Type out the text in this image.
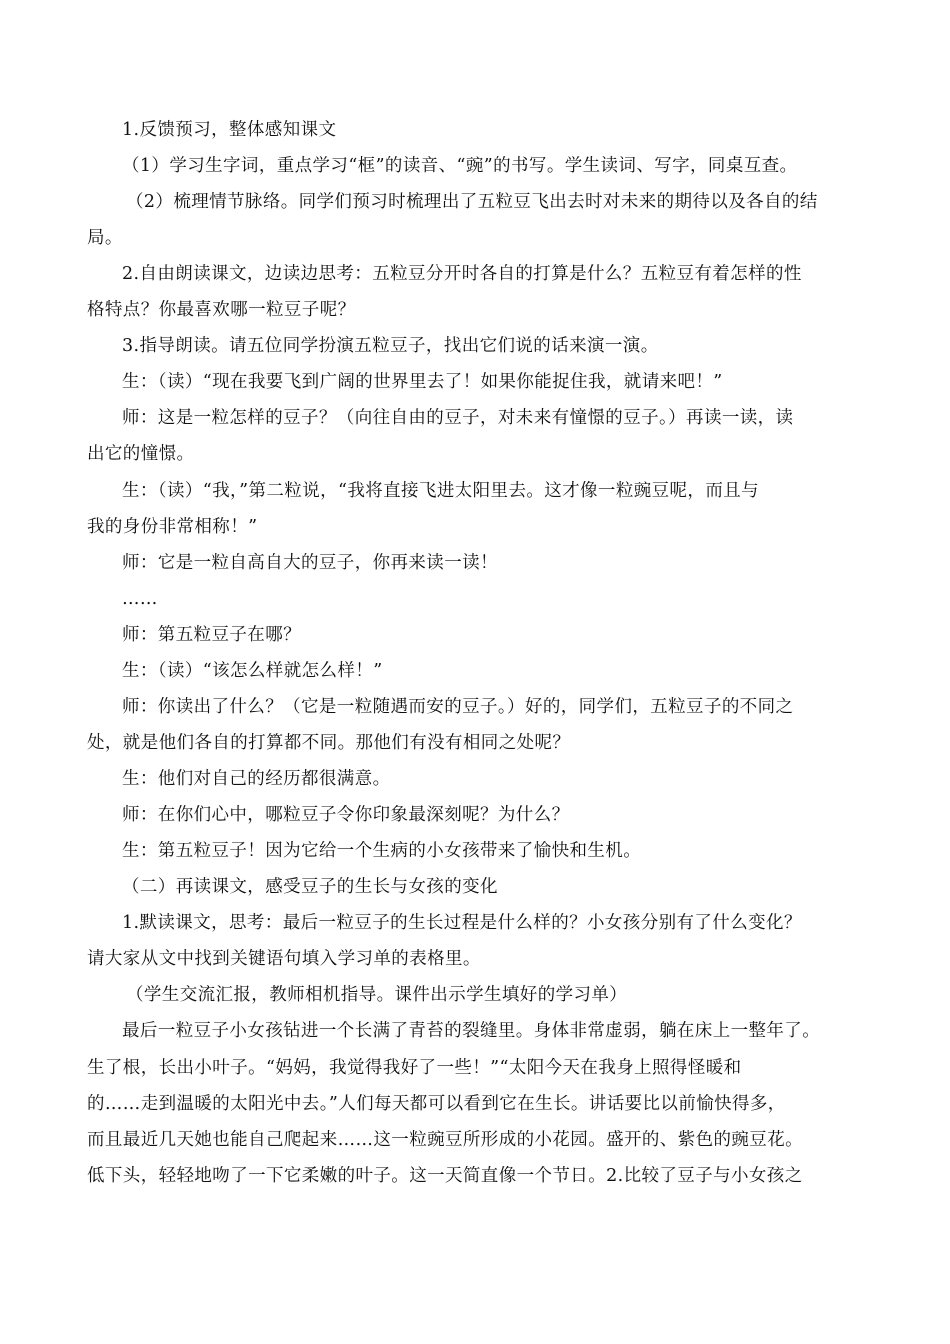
1.反馈预习，整体感知课文
（1）学习生字词，重点学习“框”的读音、“豌”的书写。学生读词、写字，同桌互查。
（2）梳理情节脉络。同学们预习时梳理出了五粒豆飞出去时对未来的期待以及各自的结
局。
2.自由朗读课文，边读边思考：五粒豆分开时各自的打算是什么？五粒豆有着怎样的性
格特点？你最喜欢哪一粒豆子呢？
3.指导朗读。请五位同学扮演五粒豆子，找出它们说的话来演一演。
生：（读）“现在我要飞到广阔的世界里去了！如果你能捉住我，就请来吧！”
师：这是一粒怎样的豆子？（向往自由的豆子，对未来有憧憬的豆子。）再读一读，读
出它的憧憬。
生：（读）“我，”第二粒说，“我将直接飞进太阳里去。这才像一粒豌豆呢，而且与
我的身份非常相称！”
师：它是一粒自高自大的豆子，你再来读一读！
……
师：第五粒豆子在哪？
生：（读）“该怎么样就怎么样！”
师：你读出了什么？（它是一粒随遇而安的豆子。）好的，同学们，五粒豆子的不同之
处，就是他们各自的打算都不同。那他们有没有相同之处呢？
生：他们对自己的经历都很满意。
师：在你们心中，哪粒豆子令你印象最深刻呢？为什么？
生：第五粒豆子！因为它给一个生病的小女孩带来了愉快和生机。
（二）再读课文，感受豆子的生长与女孩的变化
1.默读课文，思考：最后一粒豆子的生长过程是什么样的？小女孩分别有了什么变化？
请大家从文中找到关键语句填入学习单的表格里。
（学生交流汇报，教师相机指导。课件出示学生填好的学习单）
最后一粒豆子小女孩钻进一个长满了青苔的裂缝里。身体非常虚弱，躺在床上一整年了。
生了根，长出小叶子。“妈妈，我觉得我好了一些！”“太阳今天在我身上照得怪暖和
的……走到温暖的太阳光中去。”人们每天都可以看到它在生长。讲话要比以前愉快得多，
而且最近几天她也能自己爬起来……这一粒豌豆所形成的小花园。盛开的、紫色的豌豆花。
低下头，轻轻地吻了一下它柔嫩的叶子。这一天简直像一个节日。2.比较了豆子与小女孩之
